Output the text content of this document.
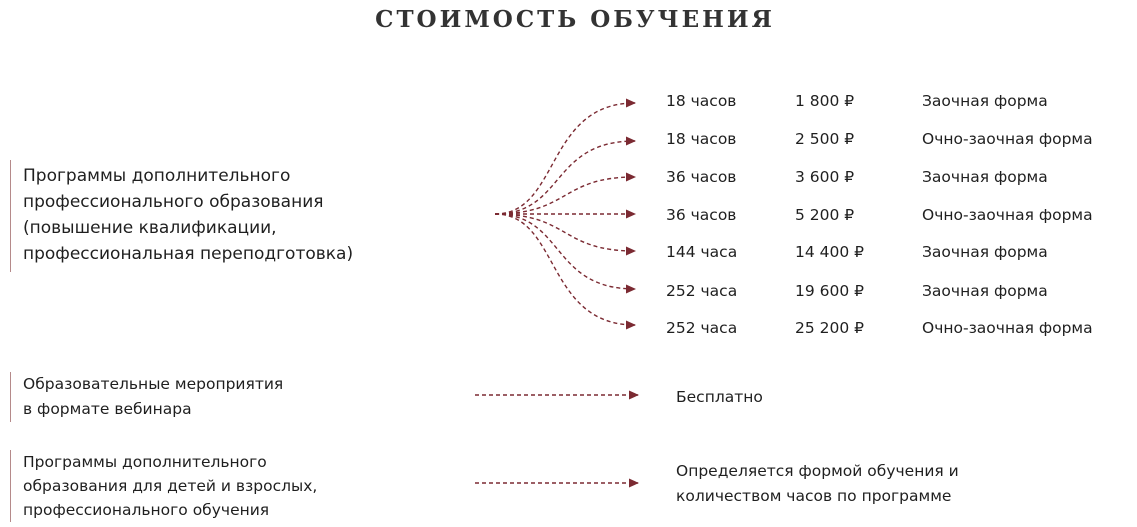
СТОИМОСТЬ ОБУЧЕНИЯ
Программы дополнительного
профессионального образования
(повышение квалификации,
профессиональная переподготовка)
18 часов	1 800 ₽	Заочная форма
18 часов	2 500 ₽	Очно-заочная форма
36 часов	3 600 ₽	Заочная форма
36 часов	5 200 ₽	Очно-заочная форма
144 часа	14 400 ₽	Заочная форма
252 часа	19 600 ₽	Заочная форма
252 часа	25 200 ₽	Очно-заочная форма
Образовательные мероприятия
в формате вебинара
Бесплатно
Программы дополнительного
образования для детей и взрослых,
профессионального обучения
Определяется формой обучения и
количеством часов по программе
